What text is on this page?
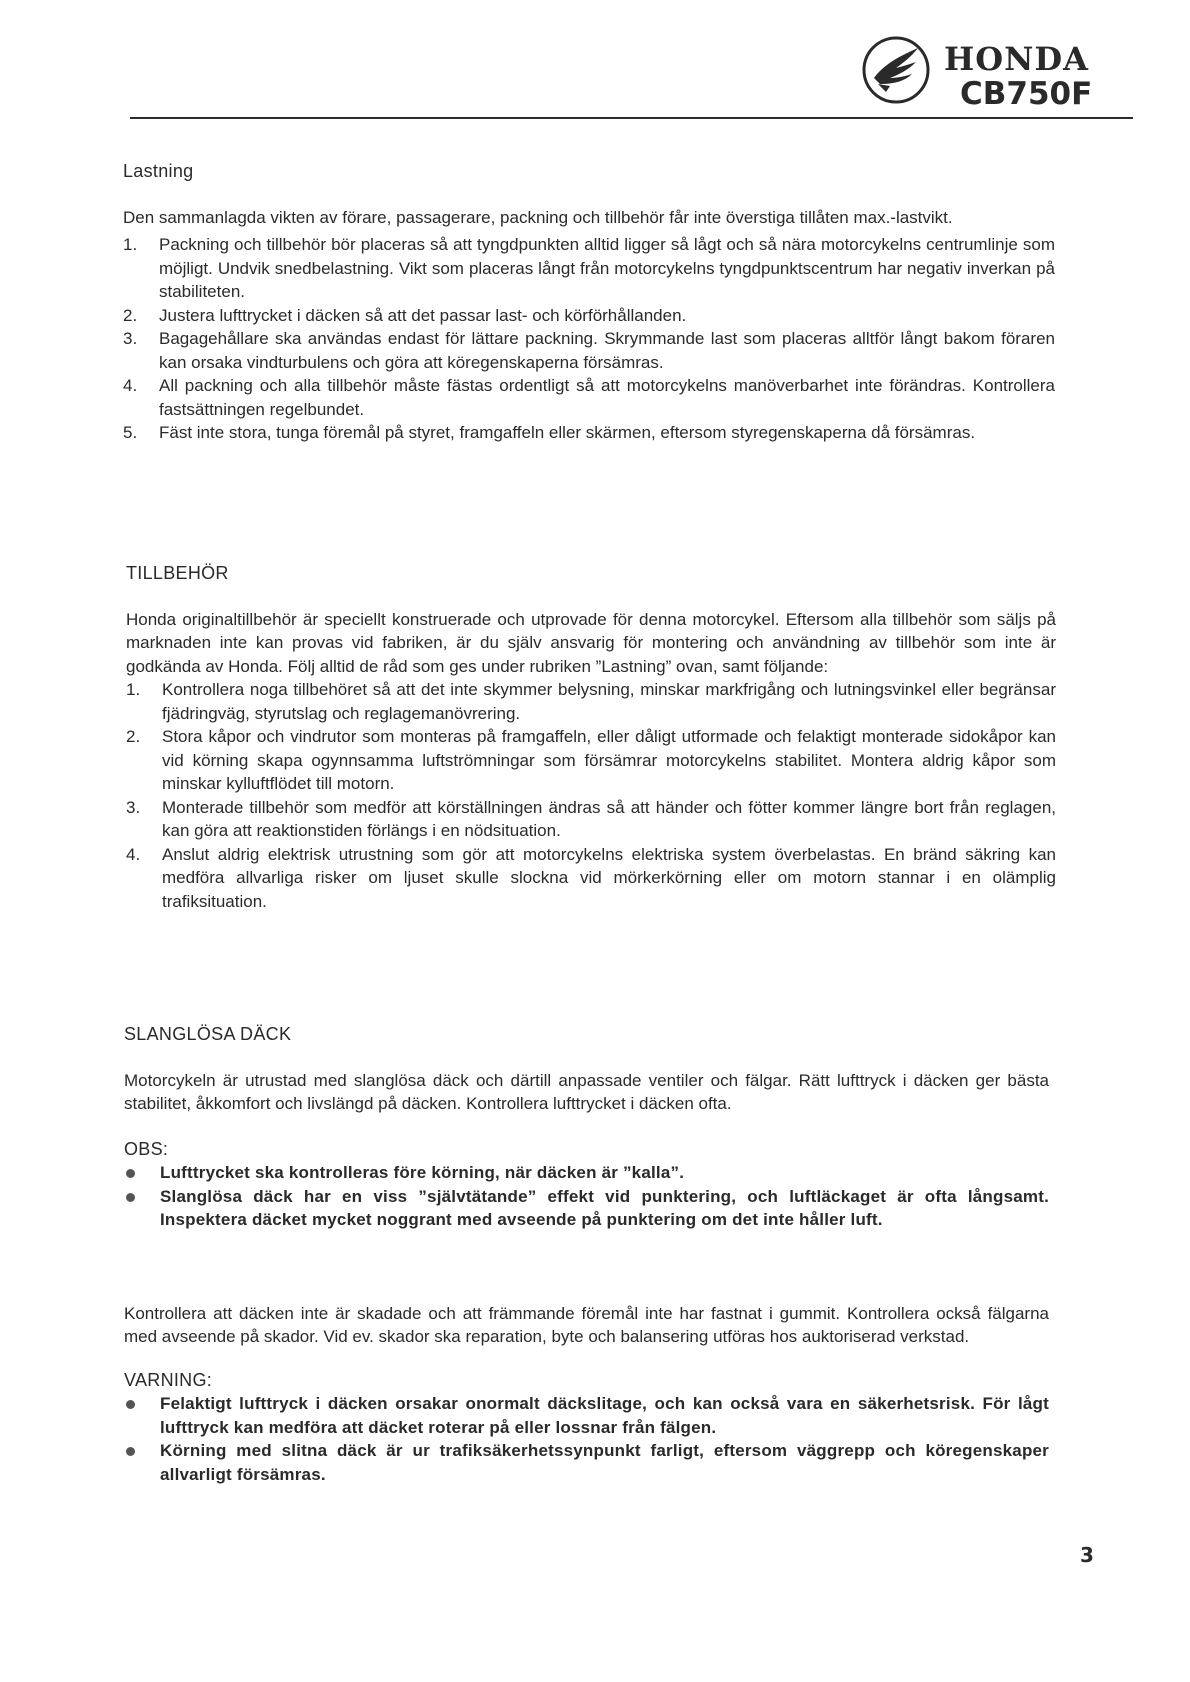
HONDA
CB750F
Lastning
Den sammanlagda vikten av förare, passagerare, packning och tillbehör får inte överstiga tillåten max.-lastvikt.
1.	Packning och tillbehör bör placeras så att tyngdpunkten alltid ligger så lågt och så nära motorcykelns centrumlinje som möjligt. Undvik snedbelastning. Vikt som placeras långt från motorcykelns tyngdpunktscentrum har negativ inverkan på stabiliteten.
2.	Justera lufttrycket i däcken så att det passar last- och körförhållanden.
3.	Bagagehållare ska användas endast för lättare packning. Skrymmande last som placeras alltför långt bakom föraren kan orsaka vindturbulens och göra att köregenskaperna försämras.
4.	All packning och alla tillbehör måste fästas ordentligt så att motorcykelns manöverbarhet inte förändras. Kontrollera fastsättningen regelbundet.
5.	Fäst inte stora, tunga föremål på styret, framgaffeln eller skärmen, eftersom styregenskaperna då försämras.
TILLBEHÖR
Honda originaltillbehör är speciellt konstruerade och utprovade för denna motorcykel. Eftersom alla tillbehör som säljs på marknaden inte kan provas vid fabriken, är du själv ansvarig för montering och användning av tillbehör som inte är godkända av Honda. Följ alltid de råd som ges under rubriken ”Lastning” ovan, samt följande:
1.	Kontrollera noga tillbehöret så att det inte skymmer belysning, minskar markfrigång och lutningsvinkel eller begränsar fjädringväg, styrutslag och reglagemanövrering.
2.	Stora kåpor och vindrutor som monteras på framgaffeln, eller dåligt utformade och felaktigt monterade sidokåpor kan vid körning skapa ogynnsamma luftströmningar som försämrar motorcykelns stabilitet. Montera aldrig kåpor som minskar kylluftflödet till motorn.
3.	Monterade tillbehör som medför att körställningen ändras så att händer och fötter kommer längre bort från reglagen, kan göra att reaktionstiden förlängs i en nödsituation.
4.	Anslut aldrig elektrisk utrustning som gör att motorcykelns elektriska system överbelastas. En bränd säkring kan medföra allvarliga risker om ljuset skulle slockna vid mörkerkörning eller om motorn stannar i en olämplig trafiksituation.
SLANGLÖSA DÄCK
Motorcykeln är utrustad med slanglösa däck och därtill anpassade ventiler och fälgar. Rätt lufttryck i däcken ger bästa stabilitet, åkkomfort och livslängd på däcken. Kontrollera lufttrycket i däcken ofta.
OBS:
Lufttrycket ska kontrolleras före körning, när däcken är ”kalla”.
Slanglösa däck har en viss ”självtätande” effekt vid punktering, och luftläckaget är ofta långsamt. Inspektera däcket mycket noggrant med avseende på punktering om det inte håller luft.
Kontrollera att däcken inte är skadade och att främmande föremål inte har fastnat i gummit. Kontrollera också fälgarna med avseende på skador. Vid ev. skador ska reparation, byte och balansering utföras hos auktoriserad verkstad.
VARNING:
Felaktigt lufttryck i däcken orsakar onormalt däckslitage, och kan också vara en säkerhetsrisk. För lågt lufttryck kan medföra att däcket roterar på eller lossnar från fälgen.
Körning med slitna däck är ur trafiksäkerhetssynpunkt farligt, eftersom väggrepp och köregenskaper allvarligt försämras.
3
